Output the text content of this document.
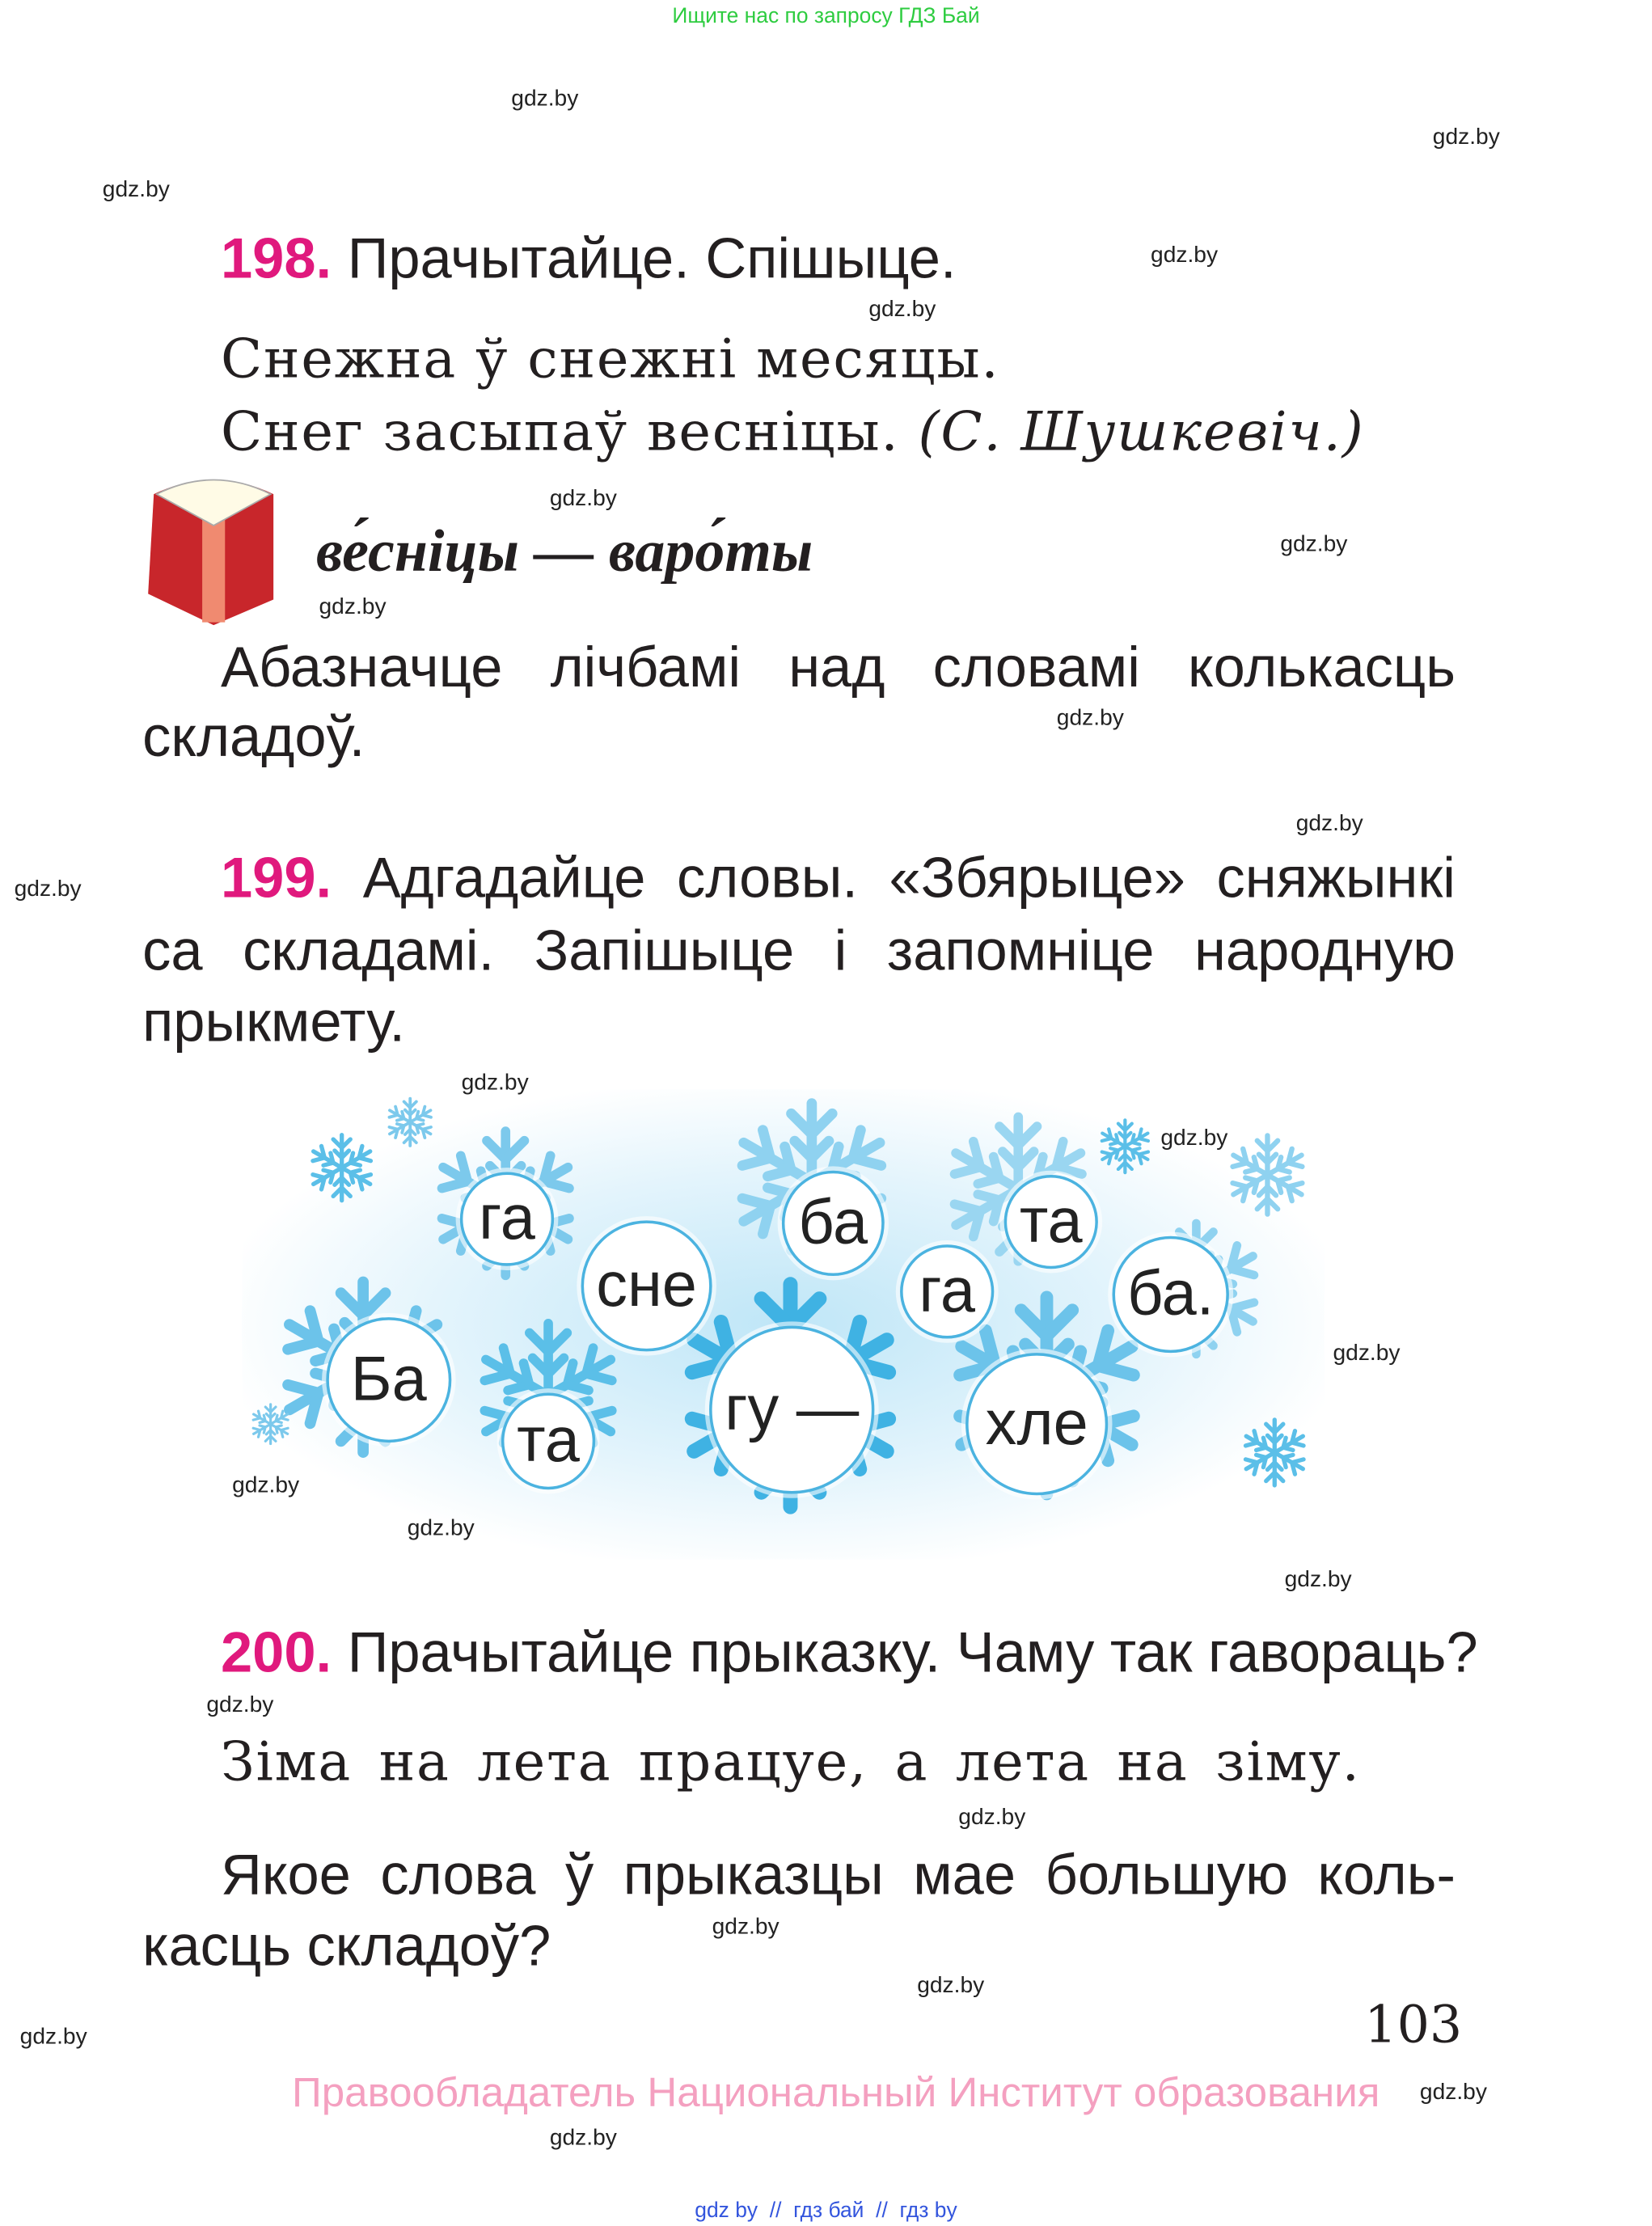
Ищите нас по запросу ГДЗ Бай
gdz.by
gdz.by
gdz.by
gdz.by
gdz.by
gdz.by
gdz.by
gdz.by
gdz.by
gdz.by
gdz.by
gdz.by
gdz.by
gdz.by
gdz.by
gdz.by
gdz.by
gdz.by
gdz.by
gdz.by
gdz.by
gdz.by
gdz.by
gdz.by
198. Прачытайце. Спішыце.
Снежна ў снежні месяцы.
Снег засыпаў весніцы. (С. Шушкевіч.)
ве́сніцы — варо́ты
Абазначце лічбамі над словамі колькасць
складоў.
199. Адгадайце словы. «Збярыце» сняжынкі
са складамі. Запішыце і запомніце народную
прыкмету.
га
сне
ба	та
га	ба.
Ба
та	гу —	хле
200. Прачытайце прыказку. Чаму так гавораць?
Зіма на лета працуе, а лета на зіму.
Якое слова ў прыказцы мае большую коль-
касць складоў?
103
Правообладатель Национальный Институт образования
gdz by  //  гдз бай  //  гдз by
